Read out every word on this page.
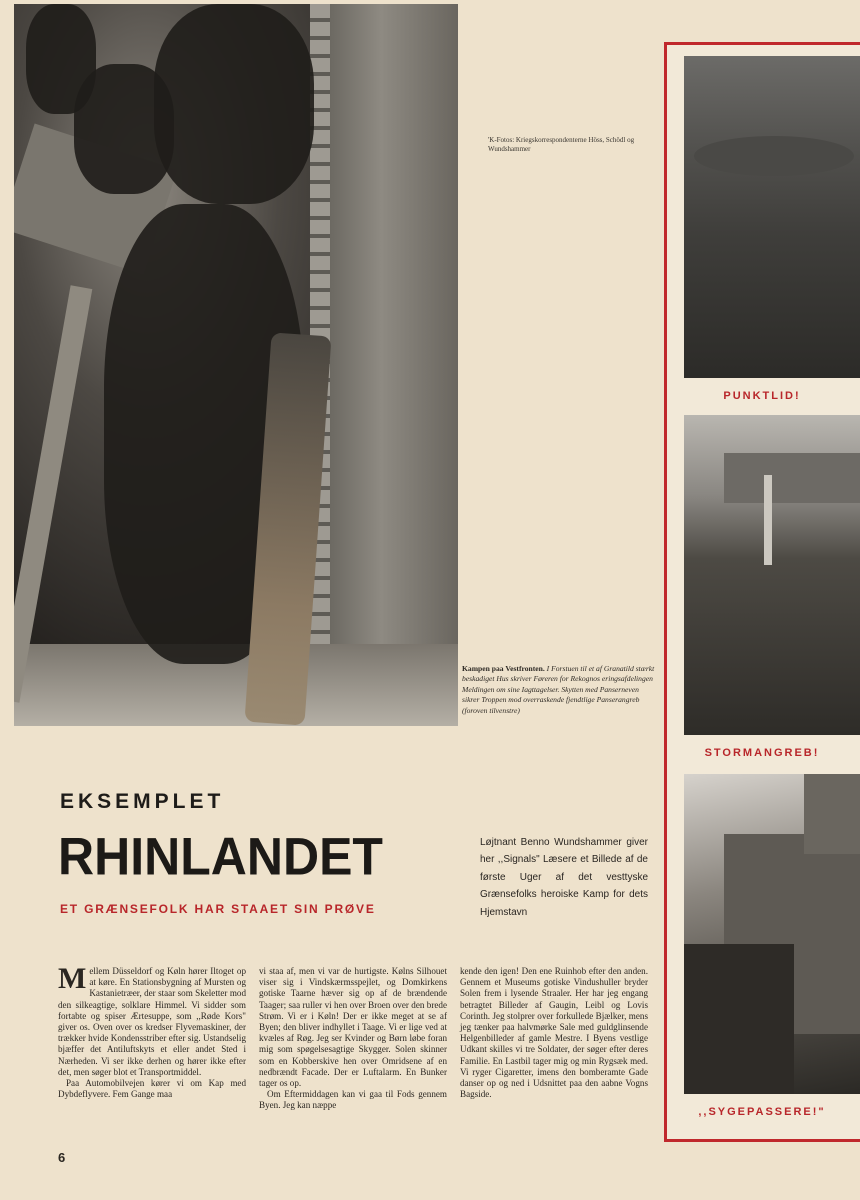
'K-Fotos: Kriegskorrespondenterne Höss, Schödl og Wundshammer
Kampen paa Vestfronten. I Forstuen til et af Granatild stærkt beskadiget Hus skriver Føreren for Rekognos eringsafdelingen Meldingen om sine Iagttagelser. Skytten med Panserneven sikrer Troppen mod overraskende fjendtlige Panserangreb (foroven tilvenstre)
PUNKTLID!
STORMANGREB!
,,SYGEPASSERE!"
EKSEMPLET
RHINLANDET
ET GRÆNSEFOLK HAR STAAET SIN PRØVE
Løjtnant Benno Wundshammer giver her ,,Signals" Læsere et Billede af de første Uger af det vesttyske Grænsefolks heroiske Kamp for dets Hjemstavn
Mellem Düsseldorf og Køln hører Iltoget op at køre. En Stationsbygning af Mursten og Kastanietræer, der staar som Skeletter mod den silkeagtige, solklare Himmel. Vi sidder som fortabte og spiser Ærtesuppe, som ,,Røde Kors" giver os. Oven over os kredser Flyvemaskiner, der trækker hvide Kondensstriber efter sig. Ustandselig bjæffer det Antiluftskyts et eller andet Sted i Nærheden. Vi ser ikke derhen og hører ikke efter det, men søger blot et Transportmiddel.
Paa Automobilvejen kører vi om Kap med Dybdeflyvere. Fem Gange maa
vi staa af, men vi var de hurtigste. Kølns Silhouet viser sig i Vindskærmsspejlet, og Domkirkens gotiske Taarne hæver sig op af de brændende Taager; saa ruller vi hen over Broen over den brede Strøm. Vi er i Køln! Der er ikke meget at se af Byen; den bliver indhyllet i Taage. Vi er lige ved at kvæles af Røg. Jeg ser Kvinder og Børn løbe foran mig som spøgelsesagtige Skygger. Solen skinner som en Kobberskive hen over Omridsene af en nedbrændt Facade. Der er Luftalarm. En Bunker tager os op.
Om Eftermiddagen kan vi gaa til Fods gennem Byen. Jeg kan næppe
kende den igen! Den ene Ruinhob efter den anden. Gennem et Museums gotiske Vindushuller bryder Solen frem i lysende Straaler. Her har jeg engang betragtet Billeder af Gaugin, Leibl og Lovis Corinth. Jeg stolprer over forkullede Bjælker, mens jeg tænker paa halvmørke Sale med guldglinsende Helgenbilleder af gamle Mestre. I Byens vestlige Udkant skilles vi tre Soldater, der søger efter deres Familie. En Lastbil tager mig og min Rygsæk med. Vi ryger Cigaretter, imens den bomberamte Gade danser op og ned i Udsnittet paa den aabne Vogns Bagside.
6
